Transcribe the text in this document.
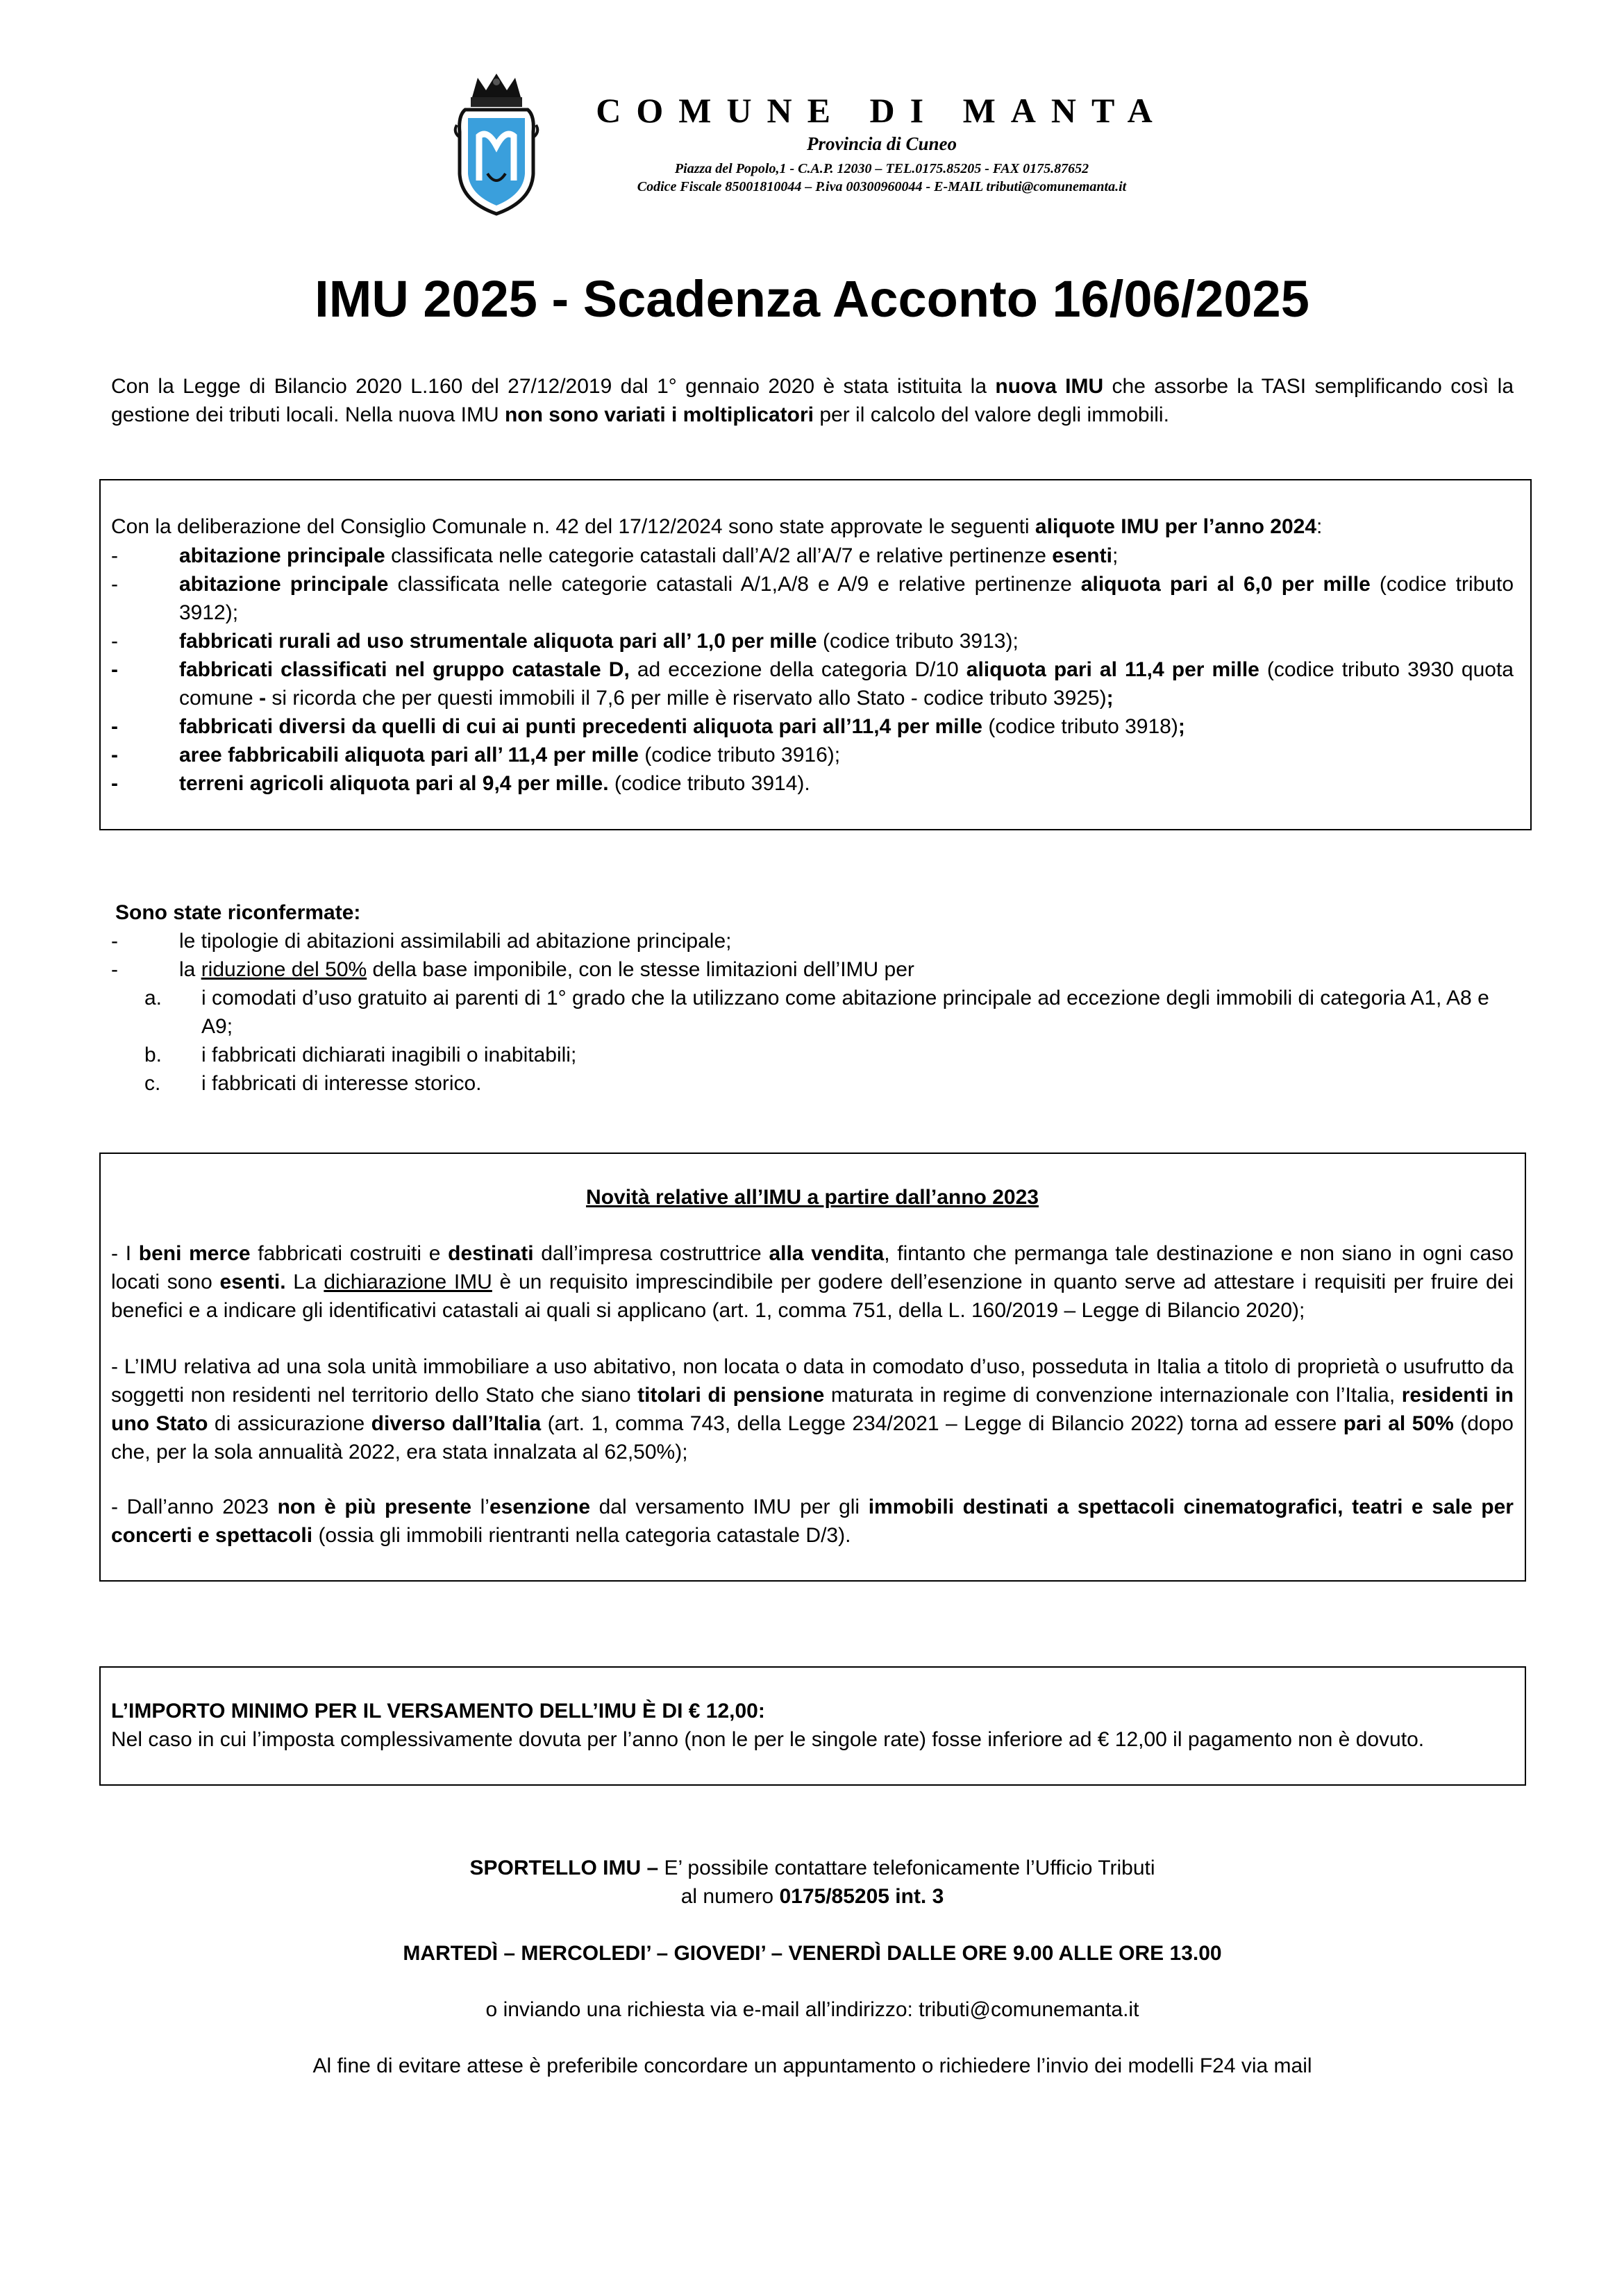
COMUNE DI MANTA
Provincia di Cuneo
Piazza del Popolo,1 - C.A.P. 12030 – TEL.0175.85205 - FAX 0175.87652
Codice Fiscale 85001810044 – P.iva 00300960044 - E-MAIL tributi@comunemanta.it
IMU 2025 - Scadenza Acconto 16/06/2025
Con la Legge di Bilancio 2020 L.160 del 27/12/2019 dal 1° gennaio 2020 è stata istituita la nuova IMU che assorbe la TASI semplificando così la gestione dei tributi locali. Nella nuova IMU non sono variati i moltiplicatori per il calcolo del valore degli immobili.
Con la deliberazione del Consiglio Comunale n. 42 del 17/12/2024 sono state approvate le seguenti aliquote IMU per l’anno 2024:
-	abitazione principale classificata nelle categorie catastali dall’A/2 all’A/7 e relative pertinenze esenti;
-	abitazione principale classificata nelle categorie catastali A/1,A/8 e A/9 e relative pertinenze aliquota pari al 6,0 per mille (codice tributo 3912);
-	fabbricati rurali ad uso strumentale aliquota pari all’ 1,0 per mille (codice tributo 3913);
-	fabbricati classificati nel gruppo catastale D, ad eccezione della categoria D/10 aliquota pari al 11,4 per mille (codice tributo 3930 quota comune - si ricorda che per questi immobili il 7,6 per mille è riservato allo Stato - codice tributo 3925);
-	fabbricati diversi da quelli di cui ai punti precedenti aliquota pari all’11,4 per mille (codice tributo 3918);
-	aree fabbricabili aliquota pari all’ 11,4 per mille (codice tributo 3916);
-	terreni agricoli aliquota pari al 9,4 per mille. (codice tributo 3914).
Sono state riconfermate:
-	le tipologie di abitazioni assimilabili ad abitazione principale;
-	la riduzione del 50% della base imponibile, con le stesse limitazioni dell’IMU per
a. i comodati d’uso gratuito ai parenti di 1° grado che la utilizzano come abitazione principale ad eccezione degli immobili di categoria A1, A8 e A9;
b. i fabbricati dichiarati inagibili o inabitabili;
c. i fabbricati di interesse storico.
Novità relative all’IMU a partire dall’anno 2023
- I beni merce fabbricati costruiti e destinati dall’impresa costruttrice alla vendita, fintanto che permanga tale destinazione e non siano in ogni caso locati sono esenti. La dichiarazione IMU è un requisito imprescindibile per godere dell’esenzione in quanto serve ad attestare i requisiti per fruire dei benefici e a indicare gli identificativi catastali ai quali si applicano (art. 1, comma 751, della L. 160/2019 – Legge di Bilancio 2020);
- L’IMU relativa ad una sola unità immobiliare a uso abitativo, non locata o data in comodato d’uso, posseduta in Italia a titolo di proprietà o usufrutto da soggetti non residenti nel territorio dello Stato che siano titolari di pensione maturata in regime di convenzione internazionale con l’Italia, residenti in uno Stato di assicurazione diverso dall’Italia (art. 1, comma 743, della Legge 234/2021 – Legge di Bilancio 2022) torna ad essere pari al 50% (dopo che, per la sola annualità 2022, era stata innalzata al 62,50%);
- Dall’anno 2023 non è più presente l’esenzione dal versamento IMU per gli immobili destinati a spettacoli cinematografici, teatri e sale per concerti e spettacoli (ossia gli immobili rientranti nella categoria catastale D/3).
L’IMPORTO MINIMO PER IL VERSAMENTO DELL’IMU È DI € 12,00:
Nel caso in cui l’imposta complessivamente dovuta per l’anno (non le per le singole rate) fosse inferiore ad € 12,00 il pagamento non è dovuto.
SPORTELLO IMU – E’ possibile contattare telefonicamente l’Ufficio Tributi
al numero 0175/85205 int. 3
MARTEDÌ – MERCOLEDI’ – GIOVEDI’ – VENERDÌ DALLE ORE 9.00 ALLE ORE 13.00
o inviando una richiesta via e-mail all’indirizzo: tributi@comunemanta.it
Al fine di evitare attese è preferibile concordare un appuntamento o richiedere l’invio dei modelli F24 via mail
